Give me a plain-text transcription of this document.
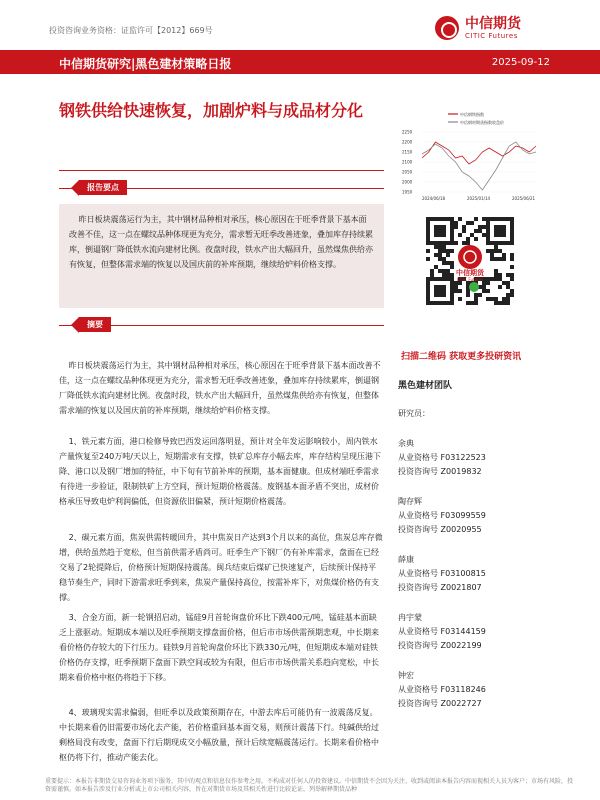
投资咨询业务资格：证监许可【2012】669号	中信期货
CITIC Futures
中信期货研究|黑色建材策略日报	2025-09-12
钢铁供给快速恢复，加剧炉料与成品材分化
报告要点
昨日板块震荡运行为主，其中钢材品种相对承压，核心原因在于旺季背景下基本面改善不佳，这一点在螺纹品种体现更为充分，需求暂无旺季改善迹象，叠加库存持续累库，倒逼钢厂降低铁水流向建材比例。夜盘时段，铁水产出大幅回升，虽然煤焦供给亦有恢复，但整体需求端的恢复以及国庆前的补库预期，继续给炉料价格支撑。
摘要
昨日板块震荡运行为主，其中钢材品种相对承压，核心原因在于旺季背景下基本面改善不佳，这一点在螺纹品种体现更为充分，需求暂无旺季改善迹象，叠加库存持续累库，倒逼钢厂降低铁水流向建材比例。夜盘时段，铁水产出大幅回升，虽然煤焦供给亦有恢复，但整体需求端的恢复以及国庆前的补库预期，继续给炉料价格支撑。
1、铁元素方面，港口检修导致巴西发运回落明显，预计对全年发运影响较小，周内铁水产量恢复至240万吨/天以上，短期需求有支撑，铁矿总库存小幅去库，库存结构呈现压港下降、港口以及钢厂增加的特征，中下旬有节前补库的预期，基本面健康。但成材端旺季需求有待进一步验证，限制铁矿上方空间，预计短期价格震荡。废钢基本面矛盾不突出，成材价格承压导致电炉利润偏低，但资源依旧偏紧，预计短期价格震荡。
2、碳元素方面，焦炭供需转暖回升，其中焦炭日产达到3个月以来的高位，焦炭总库存微增，供给虽然趋于宽松，但当前供需矛盾尚可。旺季生产下钢厂仍有补库需求，盘面在已经交易了2轮提降后，价格预计短期保持震荡。闽兵结束后煤矿已快速复产，后续预计保持平稳节奏生产，同时下游需求旺季到来，焦炭产量保持高位，按需补库下，对焦煤价格仍有支撑。
3、合金方面，新一轮钢招启动，锰硅9月首轮询盘价环比下跌400元/吨，锰硅基本面缺乏上涨驱动。短期成本端以及旺季预期支撑盘面价格，但后市市场供需预期悲观，中长期来看价格仍存较大的下行压力。硅铁9月首轮询盘价环比下跌330元/吨，但短期成本端对硅铁价格仍存支撑，旺季预期下盘面下跌空间或较为有限，但后市市场供需关系趋向宽松，中长期来看价格中枢仍将趋于下移。
4、玻璃现实需求偏弱，但旺季以及政策预期存在，中游去库后可能仍有一波震荡反复。中长期来看仍旧需要市场化去产能，若价格重回基本面交易，则预计震荡下行。纯碱供给过剩格局没有改变，盘面下行后期现成交小幅放量，预计后续宽幅震荡运行。长期来看价格中枢仍将下行，推动产能去化。
中信钢铁指数
中信钢材期货指数收盘价
2250
2200
2150
2100
2050
2000
1950
2024/06/18	2025/01/14	2025/06/21
中信期货
CITIC Futures
扫描二维码 获取更多投研资讯
黑色建材团队
研究员：
余典
从业资格号 F03122523
投资咨询号 Z0019832
陶存辉
从业资格号 F03099559
投资咨询号 Z0020955
薛康
从业资格号 F03100815
投资咨询号 Z0021807
冉宇蒙
从业资格号 F03144159
投资咨询号 Z0022199
钟宏
从业资格号 F03118246
投资咨询号 Z0022727
重要提示：本报告非期货交易咨询业务项下服务，其中的观点和信息仅作参考之用，不构成对任何人的投资建议。中信期货不会因为关注、收到或阅读本报告内容而视相关人员为客户；市场有风险，投资需谨慎。如本报告涉及行业分析或上市公司相关内容，旨在对期货市场及其相关性进行比较论证，列举解释期货品种
